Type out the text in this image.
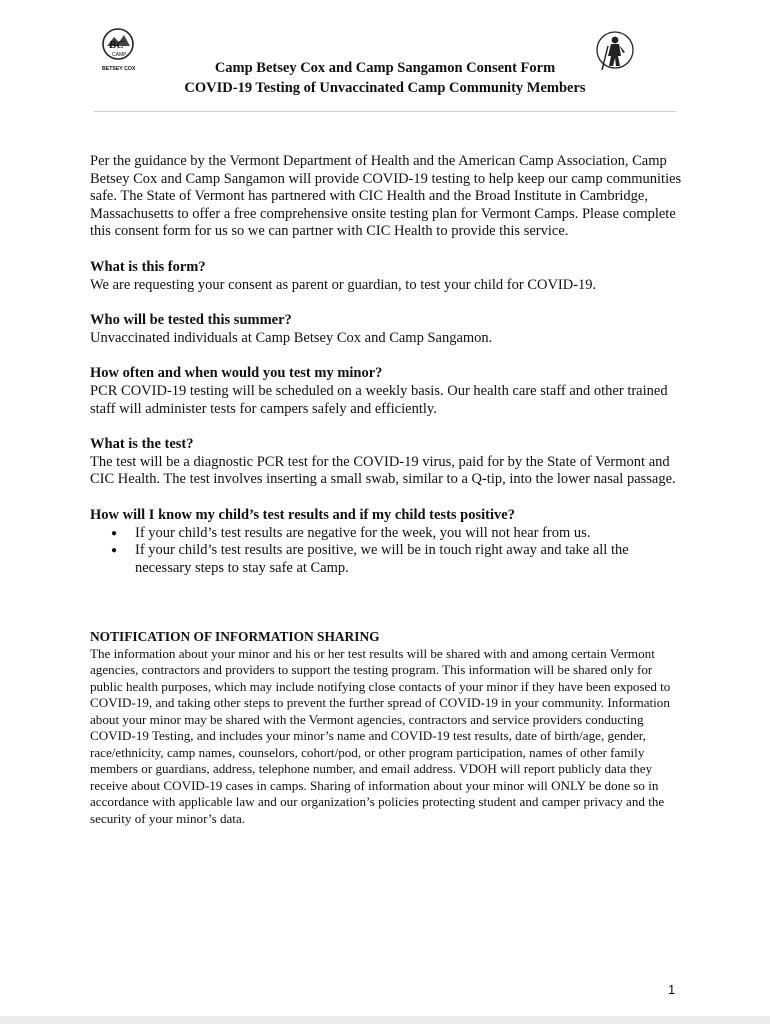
BC
CAMP
BETSEY COX	Camp Betsey Cox and Camp Sangamon Consent Form
COVID-19 Testing of Unvaccinated Camp Community Members

Per the guidance by the Vermont Department of Health and the American Camp Association, Camp Betsey Cox and Camp Sangamon will provide COVID-19 testing to help keep our camp communities safe. The State of Vermont has partnered with CIC Health and the Broad Institute in Cambridge, Massachusetts to offer a free comprehensive onsite testing plan for Vermont Camps. Please complete this consent form for us so we can partner with CIC Health to provide this service.

What is this form?

We are requesting your consent as parent or guardian, to test your child for COVID-19.

Who will be tested this summer?

Unvaccinated individuals at Camp Betsey Cox and Camp Sangamon.

How often and when would you test my minor?

PCR COVID-19 testing will be scheduled on a weekly basis. Our health care staff and other trained staff will administer tests for campers safely and efficiently.

What is the test?

The test will be a diagnostic PCR test for the COVID-19 virus, paid for by the State of Vermont and CIC Health. The test involves inserting a small swab, similar to a Q-tip, into the lower nasal passage.

How will I know my child’s test results and if my child tests positive?

● If your child’s test results are negative for the week, you will not hear from us.
● If your child’s test results are positive, we will be in touch right away and take all the necessary steps to stay safe at Camp.

NOTIFICATION OF INFORMATION SHARING

The information about your minor and his or her test results will be shared with and among certain Vermont agencies, contractors and providers to support the testing program. This information will be shared only for public health purposes, which may include notifying close contacts of your minor if they have been exposed to COVID-19, and taking other steps to prevent the further spread of COVID-19 in your community. Information about your minor may be shared with the Vermont agencies, contractors and service providers conducting COVID-19 Testing, and includes your minor’s name and COVID-19 test results, date of birth/age, gender, race/ethnicity, camp names, counselors, cohort/pod, or other program participation, names of other family members or guardians, address, telephone number, and email address. VDOH will report publicly data they receive about COVID-19 cases in camps. Sharing of information about your minor will ONLY be done so in accordance with applicable law and our organization’s policies protecting student and camper privacy and the security of your minor’s data.

1
